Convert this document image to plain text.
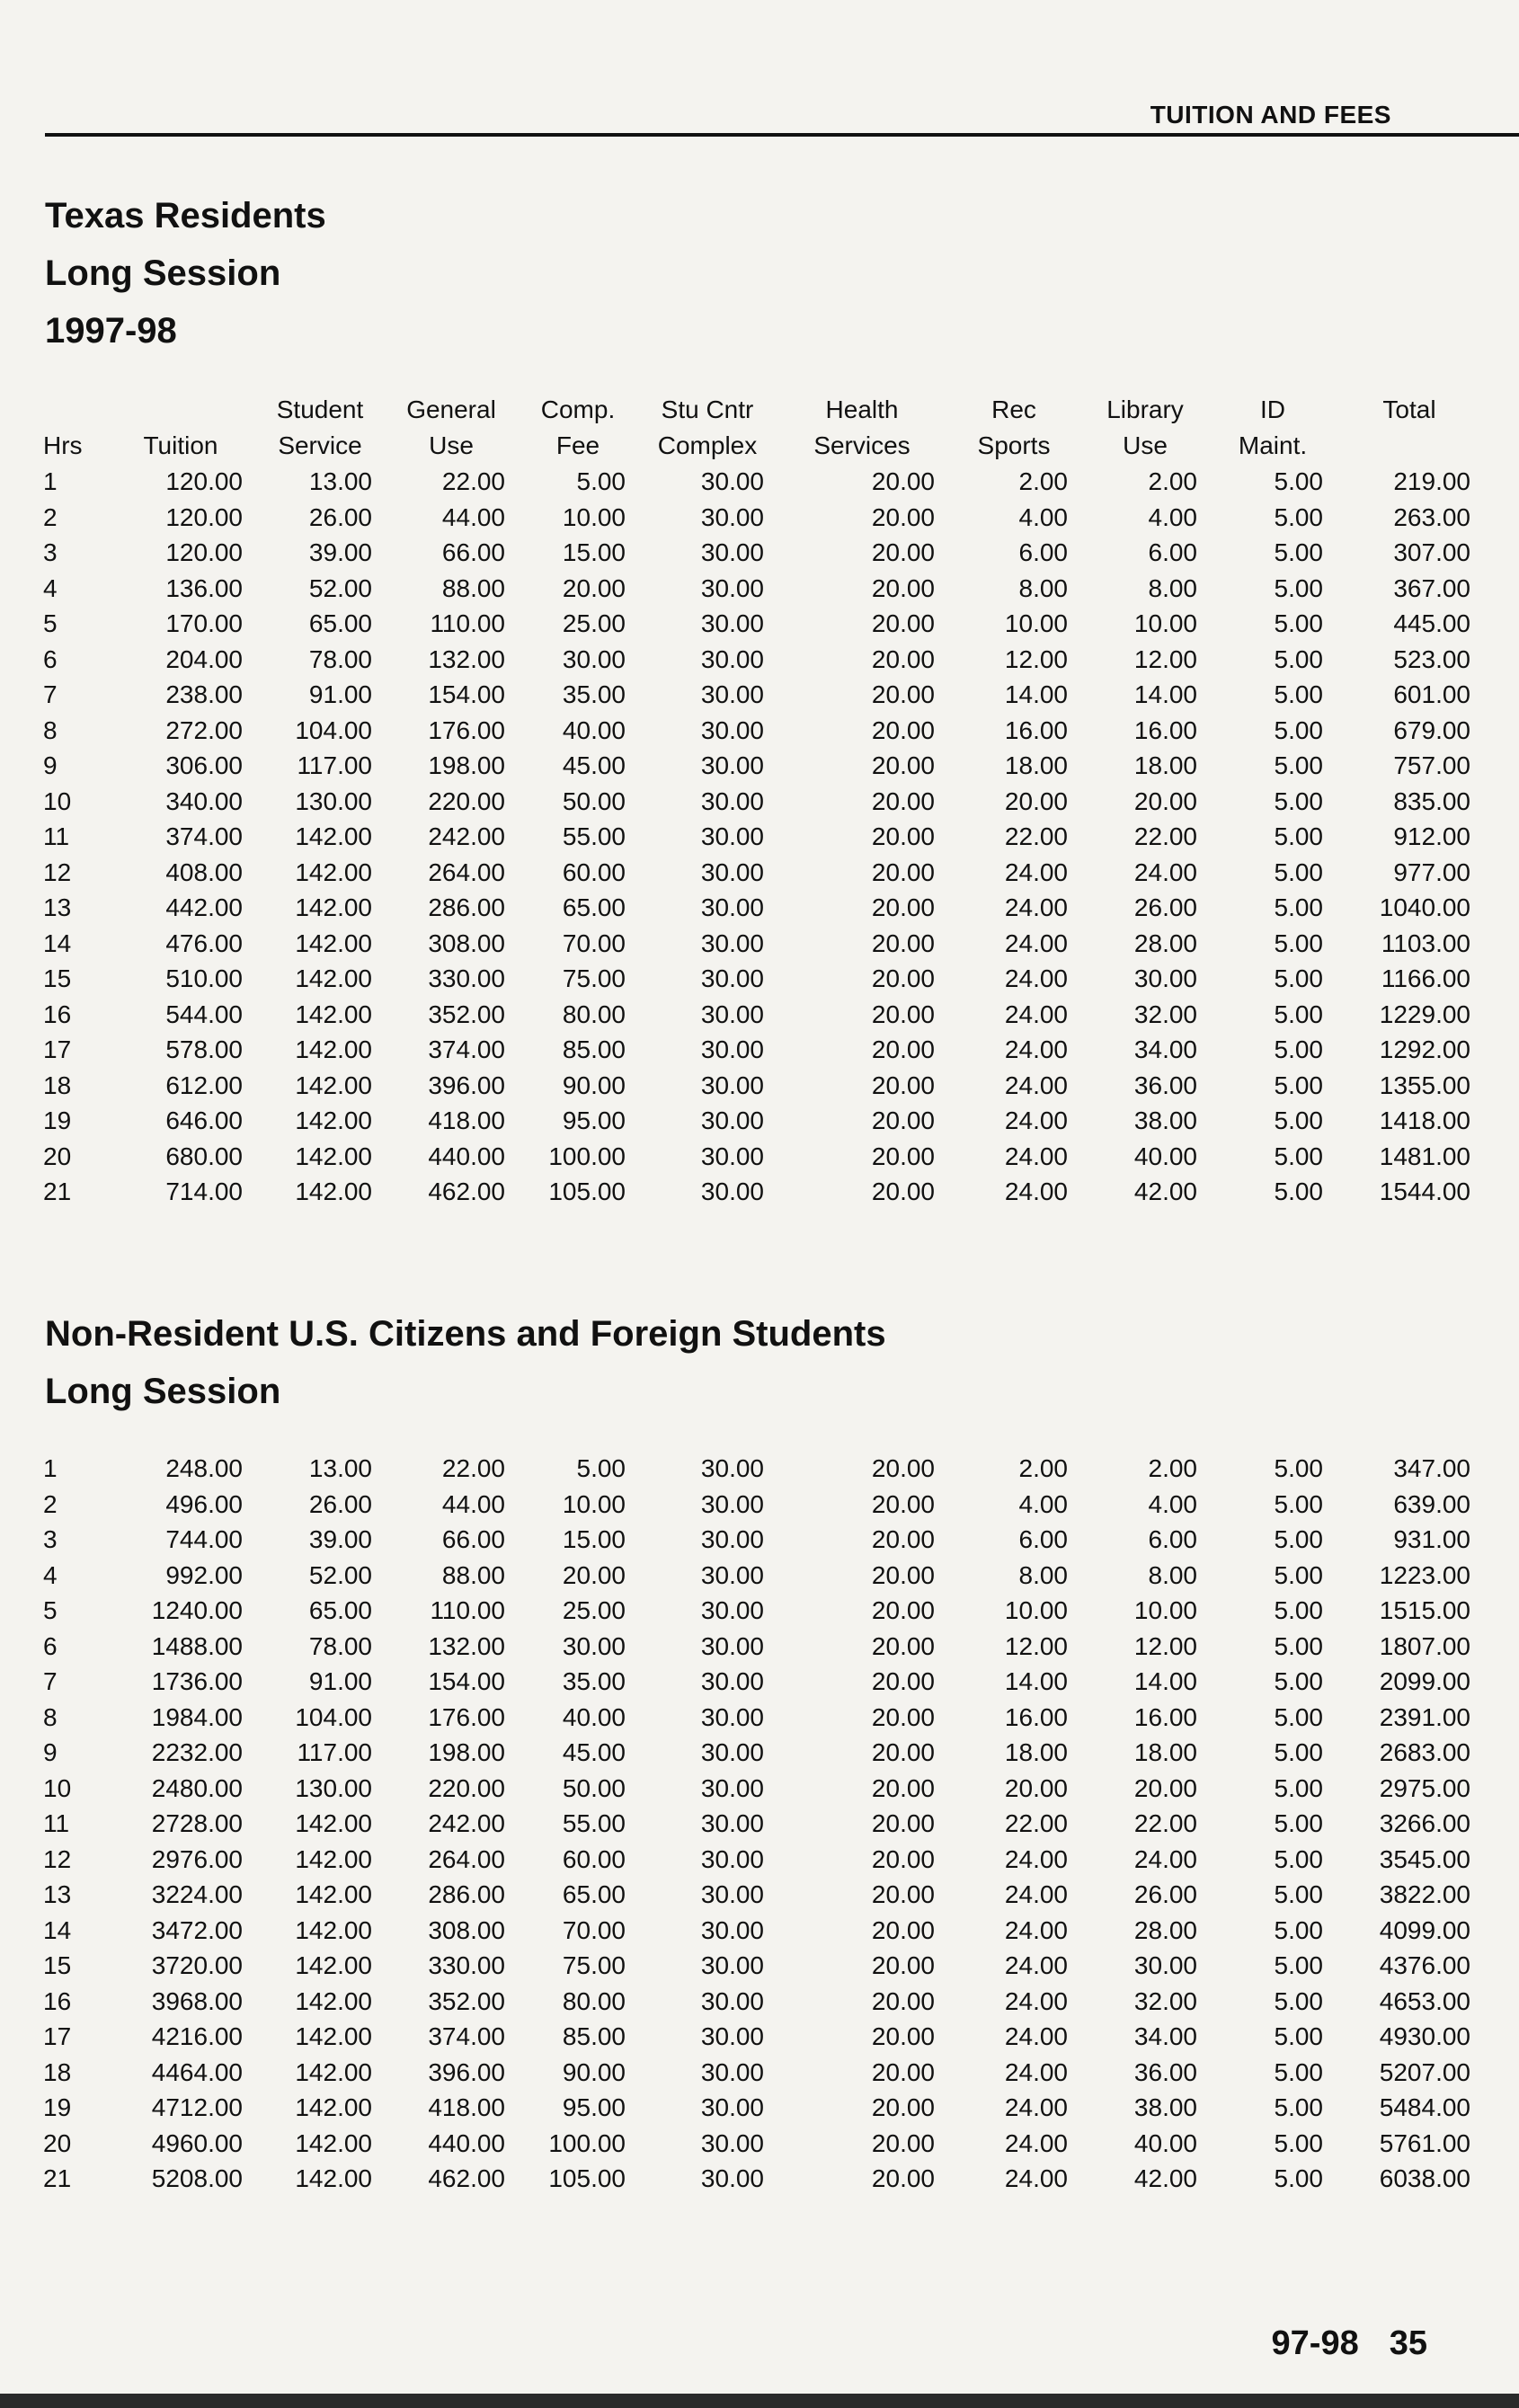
TUITION AND FEES
Texas Residents
Long Session
1997-98
		Student	General	Comp.	Stu Cntr	Health	Rec	Library	ID	Total
Hrs	Tuition	Service	Use	Fee	Complex	Services	Sports	Use	Maint.	
1	120.00	13.00	22.00	5.00	30.00	20.00	2.00	2.00	5.00	219.00
2	120.00	26.00	44.00	10.00	30.00	20.00	4.00	4.00	5.00	263.00
3	120.00	39.00	66.00	15.00	30.00	20.00	6.00	6.00	5.00	307.00
4	136.00	52.00	88.00	20.00	30.00	20.00	8.00	8.00	5.00	367.00
5	170.00	65.00	110.00	25.00	30.00	20.00	10.00	10.00	5.00	445.00
6	204.00	78.00	132.00	30.00	30.00	20.00	12.00	12.00	5.00	523.00
7	238.00	91.00	154.00	35.00	30.00	20.00	14.00	14.00	5.00	601.00
8	272.00	104.00	176.00	40.00	30.00	20.00	16.00	16.00	5.00	679.00
9	306.00	117.00	198.00	45.00	30.00	20.00	18.00	18.00	5.00	757.00
10	340.00	130.00	220.00	50.00	30.00	20.00	20.00	20.00	5.00	835.00
11	374.00	142.00	242.00	55.00	30.00	20.00	22.00	22.00	5.00	912.00
12	408.00	142.00	264.00	60.00	30.00	20.00	24.00	24.00	5.00	977.00
13	442.00	142.00	286.00	65.00	30.00	20.00	24.00	26.00	5.00	1040.00
14	476.00	142.00	308.00	70.00	30.00	20.00	24.00	28.00	5.00	1103.00
15	510.00	142.00	330.00	75.00	30.00	20.00	24.00	30.00	5.00	1166.00
16	544.00	142.00	352.00	80.00	30.00	20.00	24.00	32.00	5.00	1229.00
17	578.00	142.00	374.00	85.00	30.00	20.00	24.00	34.00	5.00	1292.00
18	612.00	142.00	396.00	90.00	30.00	20.00	24.00	36.00	5.00	1355.00
19	646.00	142.00	418.00	95.00	30.00	20.00	24.00	38.00	5.00	1418.00
20	680.00	142.00	440.00	100.00	30.00	20.00	24.00	40.00	5.00	1481.00
21	714.00	142.00	462.00	105.00	30.00	20.00	24.00	42.00	5.00	1544.00
Non-Resident U.S. Citizens and Foreign Students
Long Session
1	248.00	13.00	22.00	5.00	30.00	20.00	2.00	2.00	5.00	347.00
2	496.00	26.00	44.00	10.00	30.00	20.00	4.00	4.00	5.00	639.00
3	744.00	39.00	66.00	15.00	30.00	20.00	6.00	6.00	5.00	931.00
4	992.00	52.00	88.00	20.00	30.00	20.00	8.00	8.00	5.00	1223.00
5	1240.00	65.00	110.00	25.00	30.00	20.00	10.00	10.00	5.00	1515.00
6	1488.00	78.00	132.00	30.00	30.00	20.00	12.00	12.00	5.00	1807.00
7	1736.00	91.00	154.00	35.00	30.00	20.00	14.00	14.00	5.00	2099.00
8	1984.00	104.00	176.00	40.00	30.00	20.00	16.00	16.00	5.00	2391.00
9	2232.00	117.00	198.00	45.00	30.00	20.00	18.00	18.00	5.00	2683.00
10	2480.00	130.00	220.00	50.00	30.00	20.00	20.00	20.00	5.00	2975.00
11	2728.00	142.00	242.00	55.00	30.00	20.00	22.00	22.00	5.00	3266.00
12	2976.00	142.00	264.00	60.00	30.00	20.00	24.00	24.00	5.00	3545.00
13	3224.00	142.00	286.00	65.00	30.00	20.00	24.00	26.00	5.00	3822.00
14	3472.00	142.00	308.00	70.00	30.00	20.00	24.00	28.00	5.00	4099.00
15	3720.00	142.00	330.00	75.00	30.00	20.00	24.00	30.00	5.00	4376.00
16	3968.00	142.00	352.00	80.00	30.00	20.00	24.00	32.00	5.00	4653.00
17	4216.00	142.00	374.00	85.00	30.00	20.00	24.00	34.00	5.00	4930.00
18	4464.00	142.00	396.00	90.00	30.00	20.00	24.00	36.00	5.00	5207.00
19	4712.00	142.00	418.00	95.00	30.00	20.00	24.00	38.00	5.00	5484.00
20	4960.00	142.00	440.00	100.00	30.00	20.00	24.00	40.00	5.00	5761.00
21	5208.00	142.00	462.00	105.00	30.00	20.00	24.00	42.00	5.00	6038.00
97-98 35
